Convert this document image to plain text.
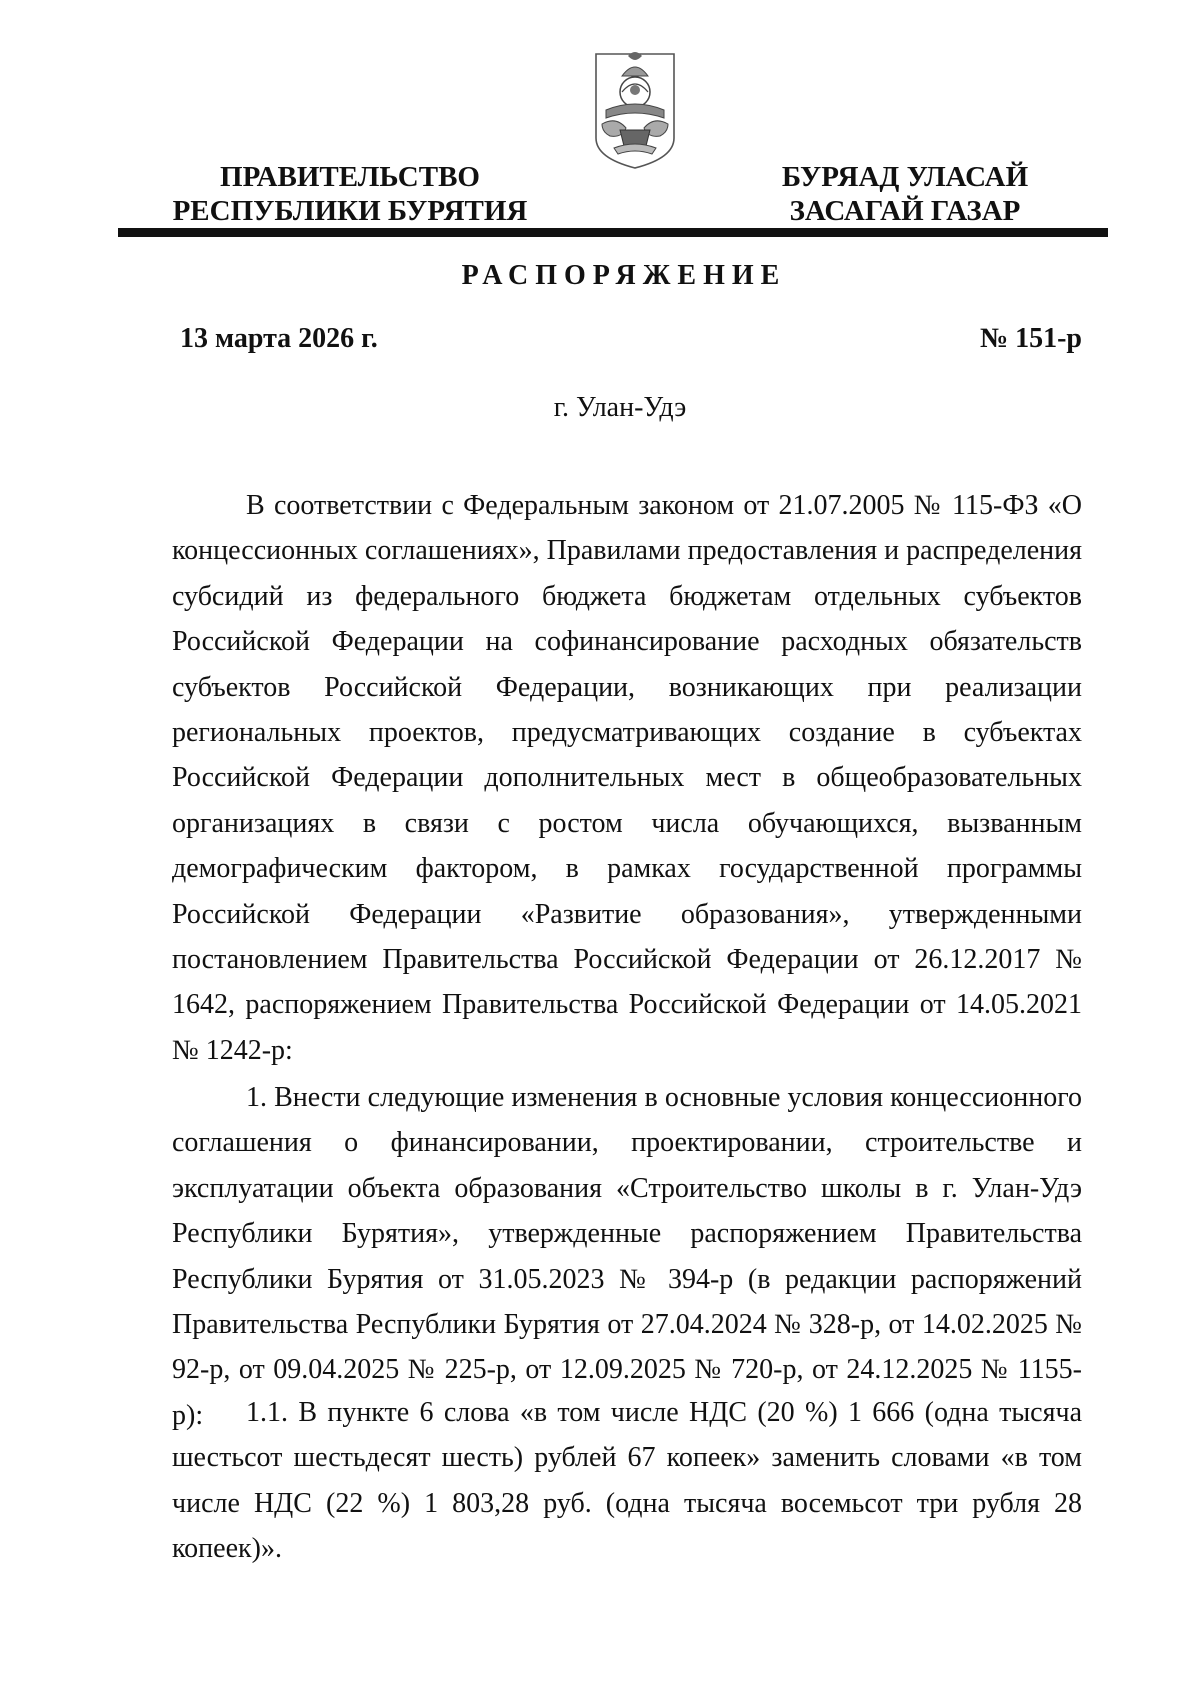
ПРАВИТЕЛЬСТВО
РЕСПУБЛИКИ БУРЯТИЯ
БУРЯАД УЛАСАЙ
ЗАСАГАЙ ГАЗАР
РАСПОРЯЖЕНИЕ
13 марта 2026 г.	№ 151-р
г. Улан-Удэ

В соответствии с Федеральным законом от 21.07.2005 № 115-ФЗ «О концессионных соглашениях», Правилами предоставления и распределения субсидий из федерального бюджета бюджетам отдельных субъектов Российской Федерации на софинансирование расходных обязательств субъектов Российской Федерации, возникающих при реализации региональных проектов, предусматривающих создание в субъектах Российской Федерации дополнительных мест в общеобразовательных организациях в связи с ростом числа обучающихся, вызванным демографическим фактором, в рамках государственной программы Российской Федерации «Развитие образования», утвержденными постановлением Правительства Российской Федерации от 26.12.2017 № 1642, распоряжением Правительства Российской Федерации от 14.05.2021 № 1242-р:

1. Внести следующие изменения в основные условия концессионного соглашения о финансировании, проектировании, строительстве и эксплуатации объекта образования «Строительство школы в г. Улан-Удэ Республики Бурятия», утвержденные распоряжением Правительства Республики Бурятия от 31.05.2023 № 394-р (в редакции распоряжений Правительства Республики Бурятия от 27.04.2024 № 328-р, от 14.02.2025 № 92-р, от 09.04.2025 № 225-р, от 12.09.2025 № 720-р, от 24.12.2025 № 1155-р):	1.1. В пункте 6 слова «в том числе НДС (20 %) 1 666 (одна тысяча шестьсот шестьдесят шесть) рублей 67 копеек» заменить словами «в том числе НДС (22 %) 1 803,28 руб. (одна тысяча восемьсот три рубля 28 копеек)».
